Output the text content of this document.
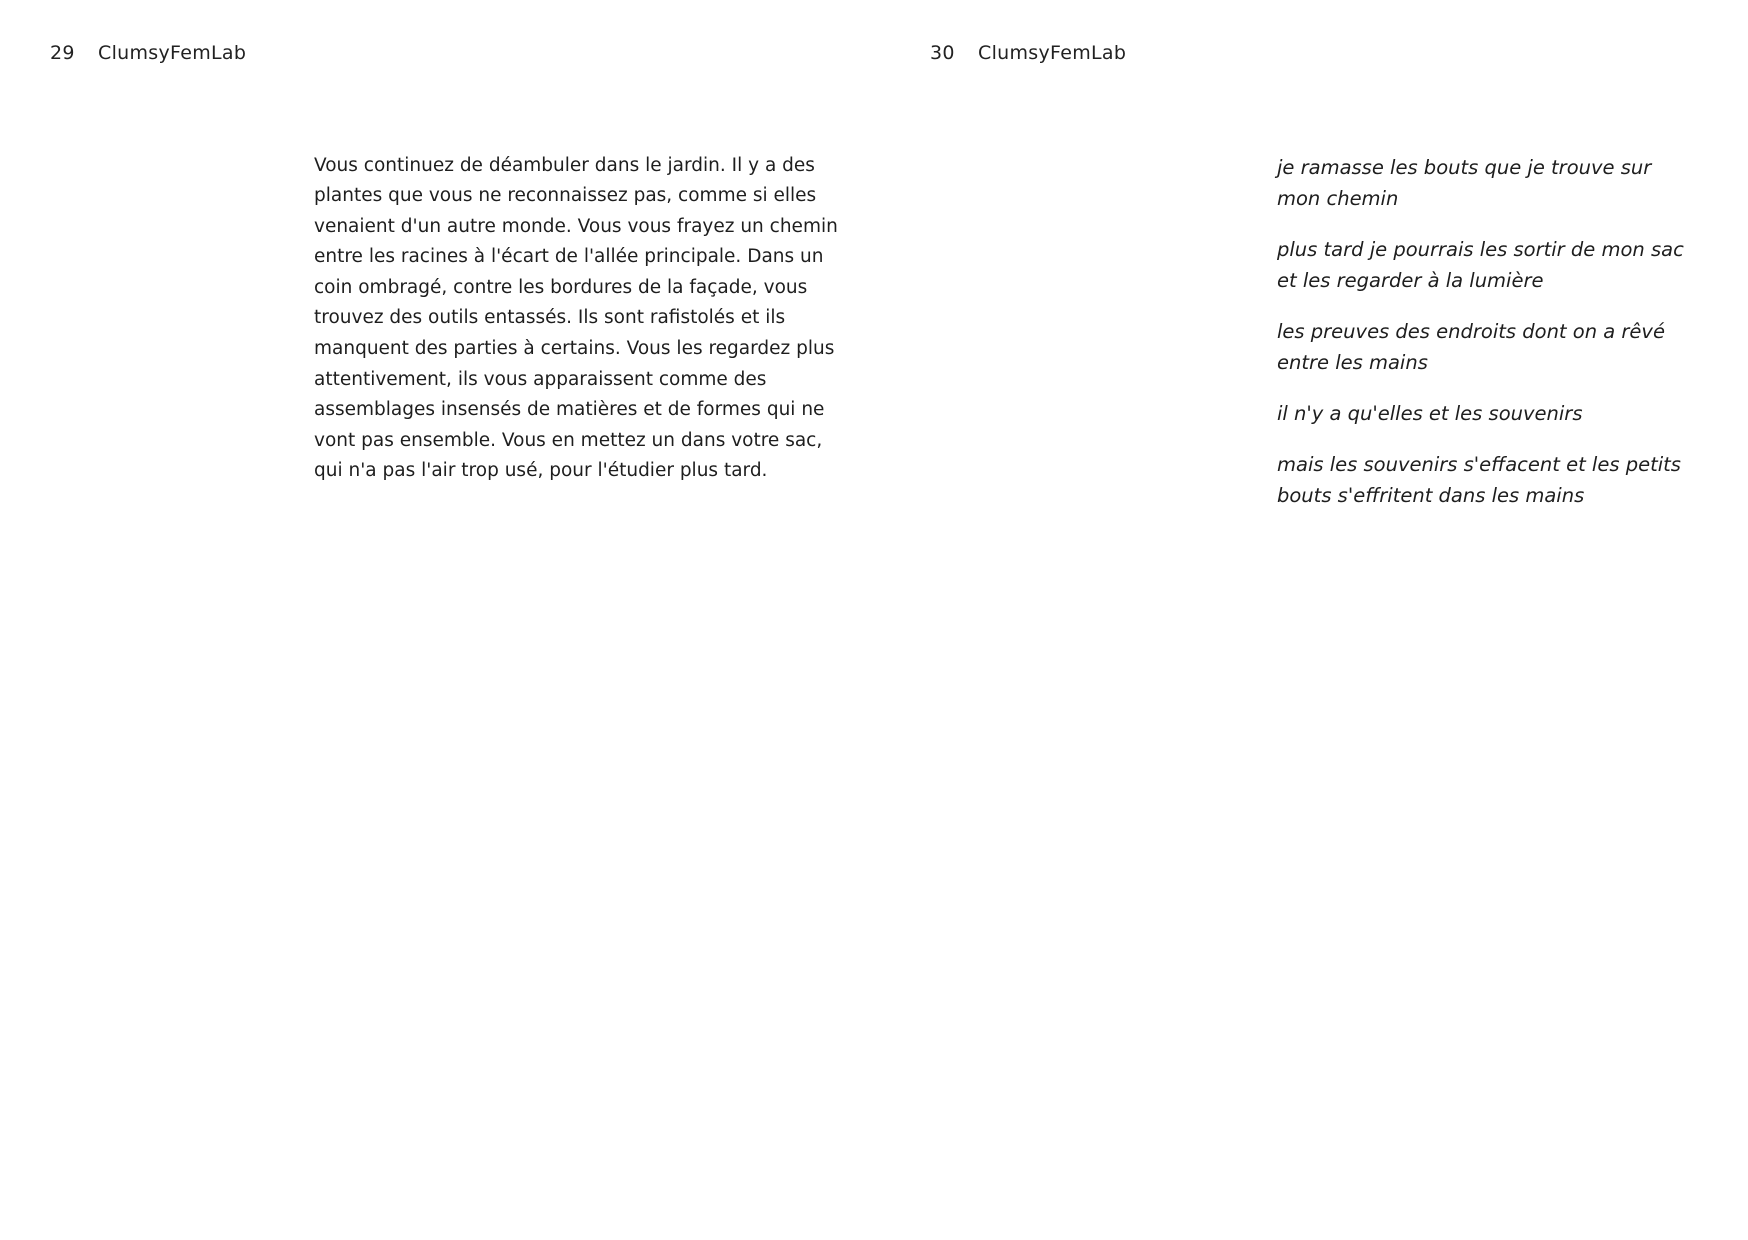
29 ClumsyFemLab

Vous continuez de déambuler dans le jardin. Il y a des plantes que vous ne reconnaissez pas, comme si elles venaient d'un autre monde. Vous vous frayez un chemin entre les racines à l'écart de l'allée principale. Dans un coin ombragé, contre les bordures de la façade, vous trouvez des outils entassés. Ils sont rafistolés et ils manquent des parties à certains. Vous les regardez plus attentivement, ils vous apparaissent comme des assemblages insensés de matières et de formes qui ne vont pas ensemble. Vous en mettez un dans votre sac, qui n'a pas l'air trop usé, pour l'étudier plus tard.

30 ClumsyFemLab

je ramasse les bouts que je trouve sur mon chemin

plus tard je pourrais les sortir de mon sac et les regarder à la lumière

les preuves des endroits dont on a rêvé entre les mains

il n'y a qu'elles et les souvenirs

mais les souvenirs s'effacent et les petits bouts s'effritent dans les mains
